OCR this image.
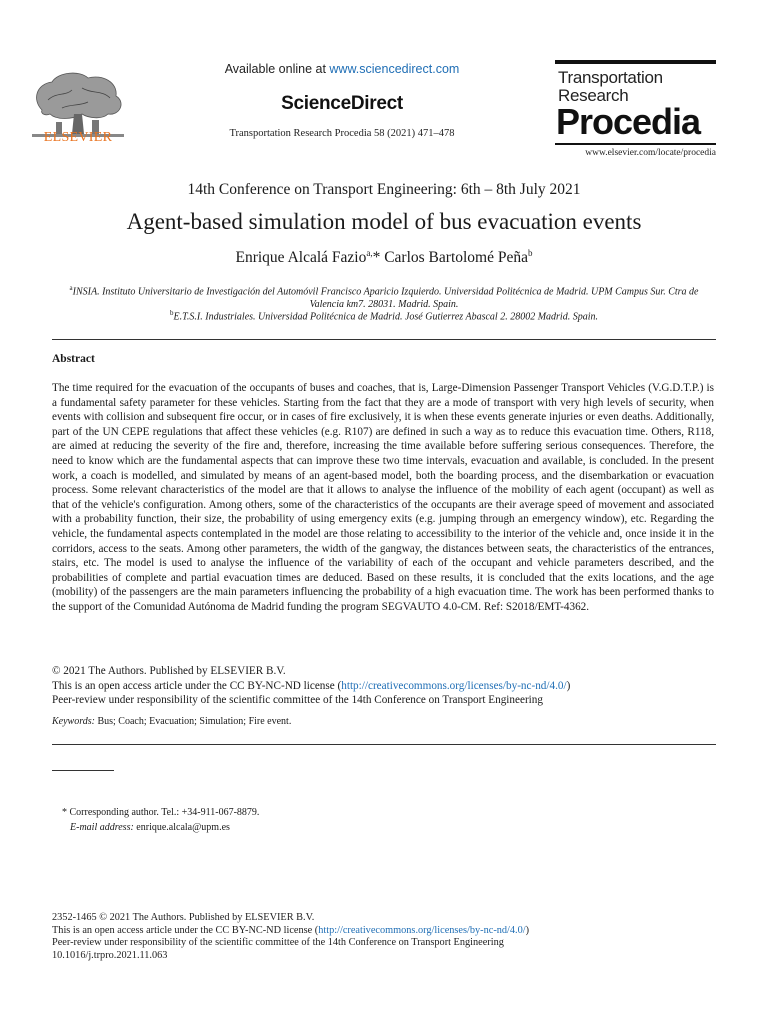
ELSEVIER
Available online at www.sciencedirect.com
ScienceDirect
Transportation Research Procedia 58 (2021) 471–478
Transportation
Research
Procedia
www.elsevier.com/locate/procedia
14th Conference on Transport Engineering: 6th – 8th July 2021
Agent-based simulation model of bus evacuation events
Enrique Alcalá Fazio$^{a,}$* Carlos Bartolomé Peña$^b$
$^a$INSIA. Instituto Universitario de Investigación del Automóvil Francisco Aparicio Izquierdo. Universidad Politécnica de Madrid. UPM Campus Sur. Ctra de Valencia km7. 28031. Madrid. Spain.
$^b$E.T.S.I. Industriales. Universidad Politécnica de Madrid. José Gutierrez Abascal 2. 28002 Madrid. Spain.
Abstract
The time required for the evacuation of the occupants of buses and coaches, that is, Large-Dimension Passenger Transport Vehicles (V.G.D.T.P.) is a fundamental safety parameter for these vehicles. Starting from the fact that they are a mode of transport with very high levels of security, when events with collision and subsequent fire occur, or in cases of fire exclusively, it is when these events generate injuries or even deaths. Additionally, part of the UN CEPE regulations that affect these vehicles (e.g. R107) are defined in such a way as to reduce this evacuation time. Others, R118, are aimed at reducing the severity of the fire and, therefore, increasing the time available before suffering serious consequences. Therefore, the need to know which are the fundamental aspects that can improve these two time intervals, evacuation and available, is concluded. In the present work, a coach is modelled, and simulated by means of an agent-based model, both the boarding process, and the disembarkation or evacuation process. Some relevant characteristics of the model are that it allows to analyse the influence of the mobility of each agent (occupant) as well as that of the vehicle's configuration. Among others, some of the characteristics of the occupants are their average speed of movement and associated with a probability function, their size, the probability of using emergency exits (e.g. jumping through an emergency window), etc. Regarding the vehicle, the fundamental aspects contemplated in the model are those relating to accessibility to the interior of the vehicle and, once inside it in the corridors, access to the seats. Among other parameters, the width of the gangway, the distances between seats, the characteristics of the entrances, stairs, etc. The model is used to analyse the influence of the variability of each of the occupant and vehicle parameters described, and the probabilities of complete and partial evacuation times are deduced. Based on these results, it is concluded that the exits locations, and the age (mobility) of the passengers are the main parameters influencing the probability of a high evacuation time. The work has been performed thanks to the support of the Comunidad Autónoma de Madrid funding the program SEGVAUTO 4.0-CM. Ref: S2018/EMT-4362.
© 2021 The Authors. Published by ELSEVIER B.V.
This is an open access article under the CC BY-NC-ND license (http://creativecommons.org/licenses/by-nc-nd/4.0/)
Peer-review under responsibility of the scientific committee of the 14th Conference on Transport Engineering
Keywords: Bus; Coach; Evacuation; Simulation; Fire event.
* Corresponding author. Tel.: +34-911-067-8879.
E-mail address: enrique.alcala@upm.es
2352-1465 © 2021 The Authors. Published by ELSEVIER B.V.
This is an open access article under the CC BY-NC-ND license (http://creativecommons.org/licenses/by-nc-nd/4.0/)
Peer-review under responsibility of the scientific committee of the 14th Conference on Transport Engineering
10.1016/j.trpro.2021.11.063
